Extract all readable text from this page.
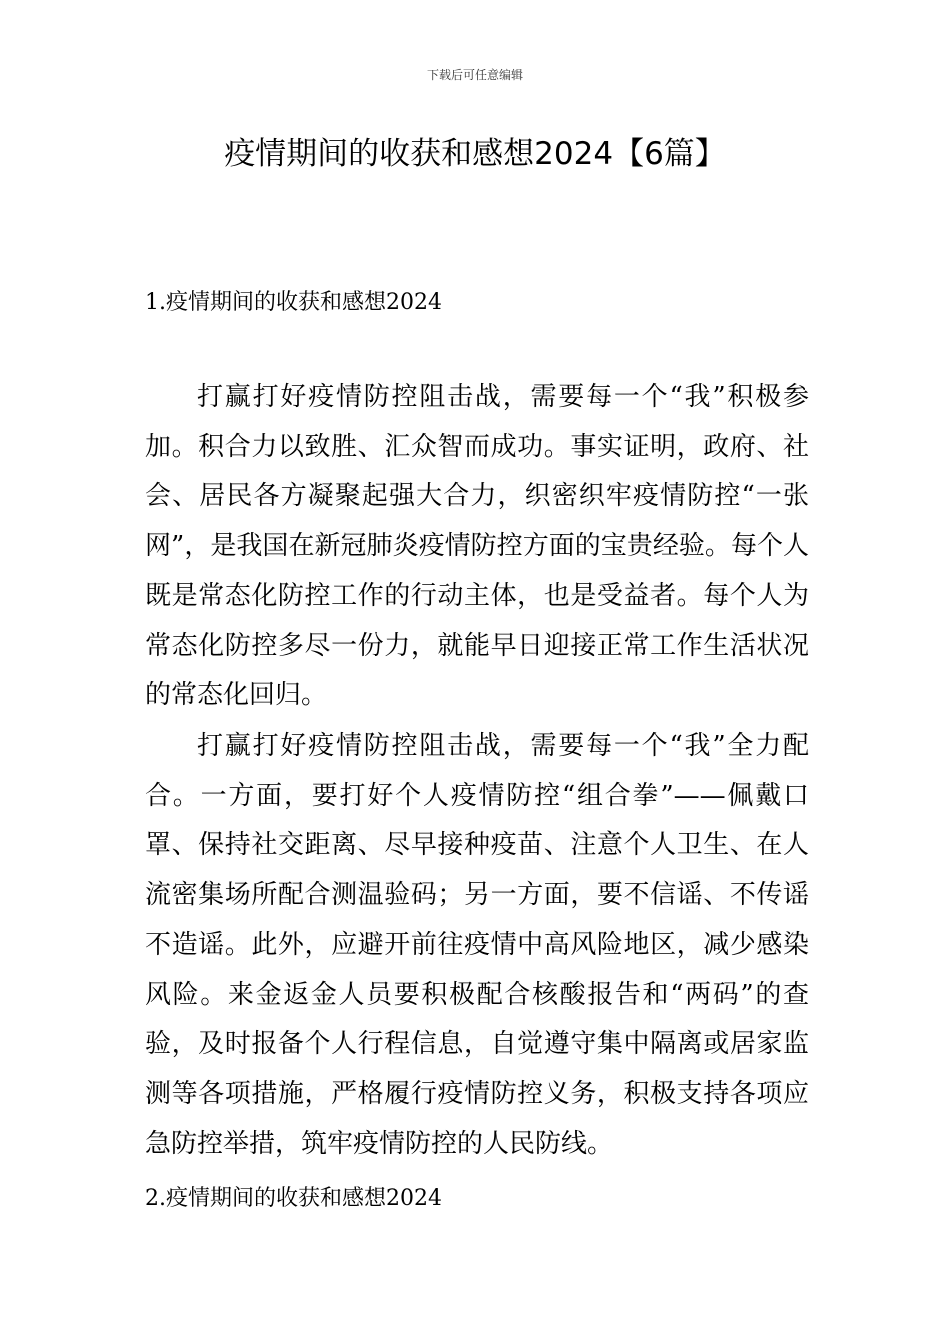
下载后可任意编辑
疫情期间的收获和感想2024【6篇】
1.疫情期间的收获和感想2024

打赢打好疫情防控阻击战，需要每一个“我”积极参加。积合力以致胜、汇众智而成功。事实证明，政府、社会、居民各方凝聚起强大合力，织密织牢疫情防控“一张网”，是我国在新冠肺炎疫情防控方面的宝贵经验。每个人既是常态化防控工作的行动主体，也是受益者。每个人为常态化防控多尽一份力，就能早日迎接正常工作生活状况的常态化回归。

打赢打好疫情防控阻击战，需要每一个“我”全力配合。一方面，要打好个人疫情防控“组合拳”——佩戴口罩、保持社交距离、尽早接种疫苗、注意个人卫生、在人流密集场所配合测温验码；另一方面，要不信谣、不传谣不造谣。此外，应避开前往疫情中高风险地区，减少感染风险。来金返金人员要积极配合核酸报告和“两码”的查验，及时报备个人行程信息，自觉遵守集中隔离或居家监测等各项措施，严格履行疫情防控义务，积极支持各项应急防控举措，筑牢疫情防控的人民防线。

2.疫情期间的收获和感想2024
